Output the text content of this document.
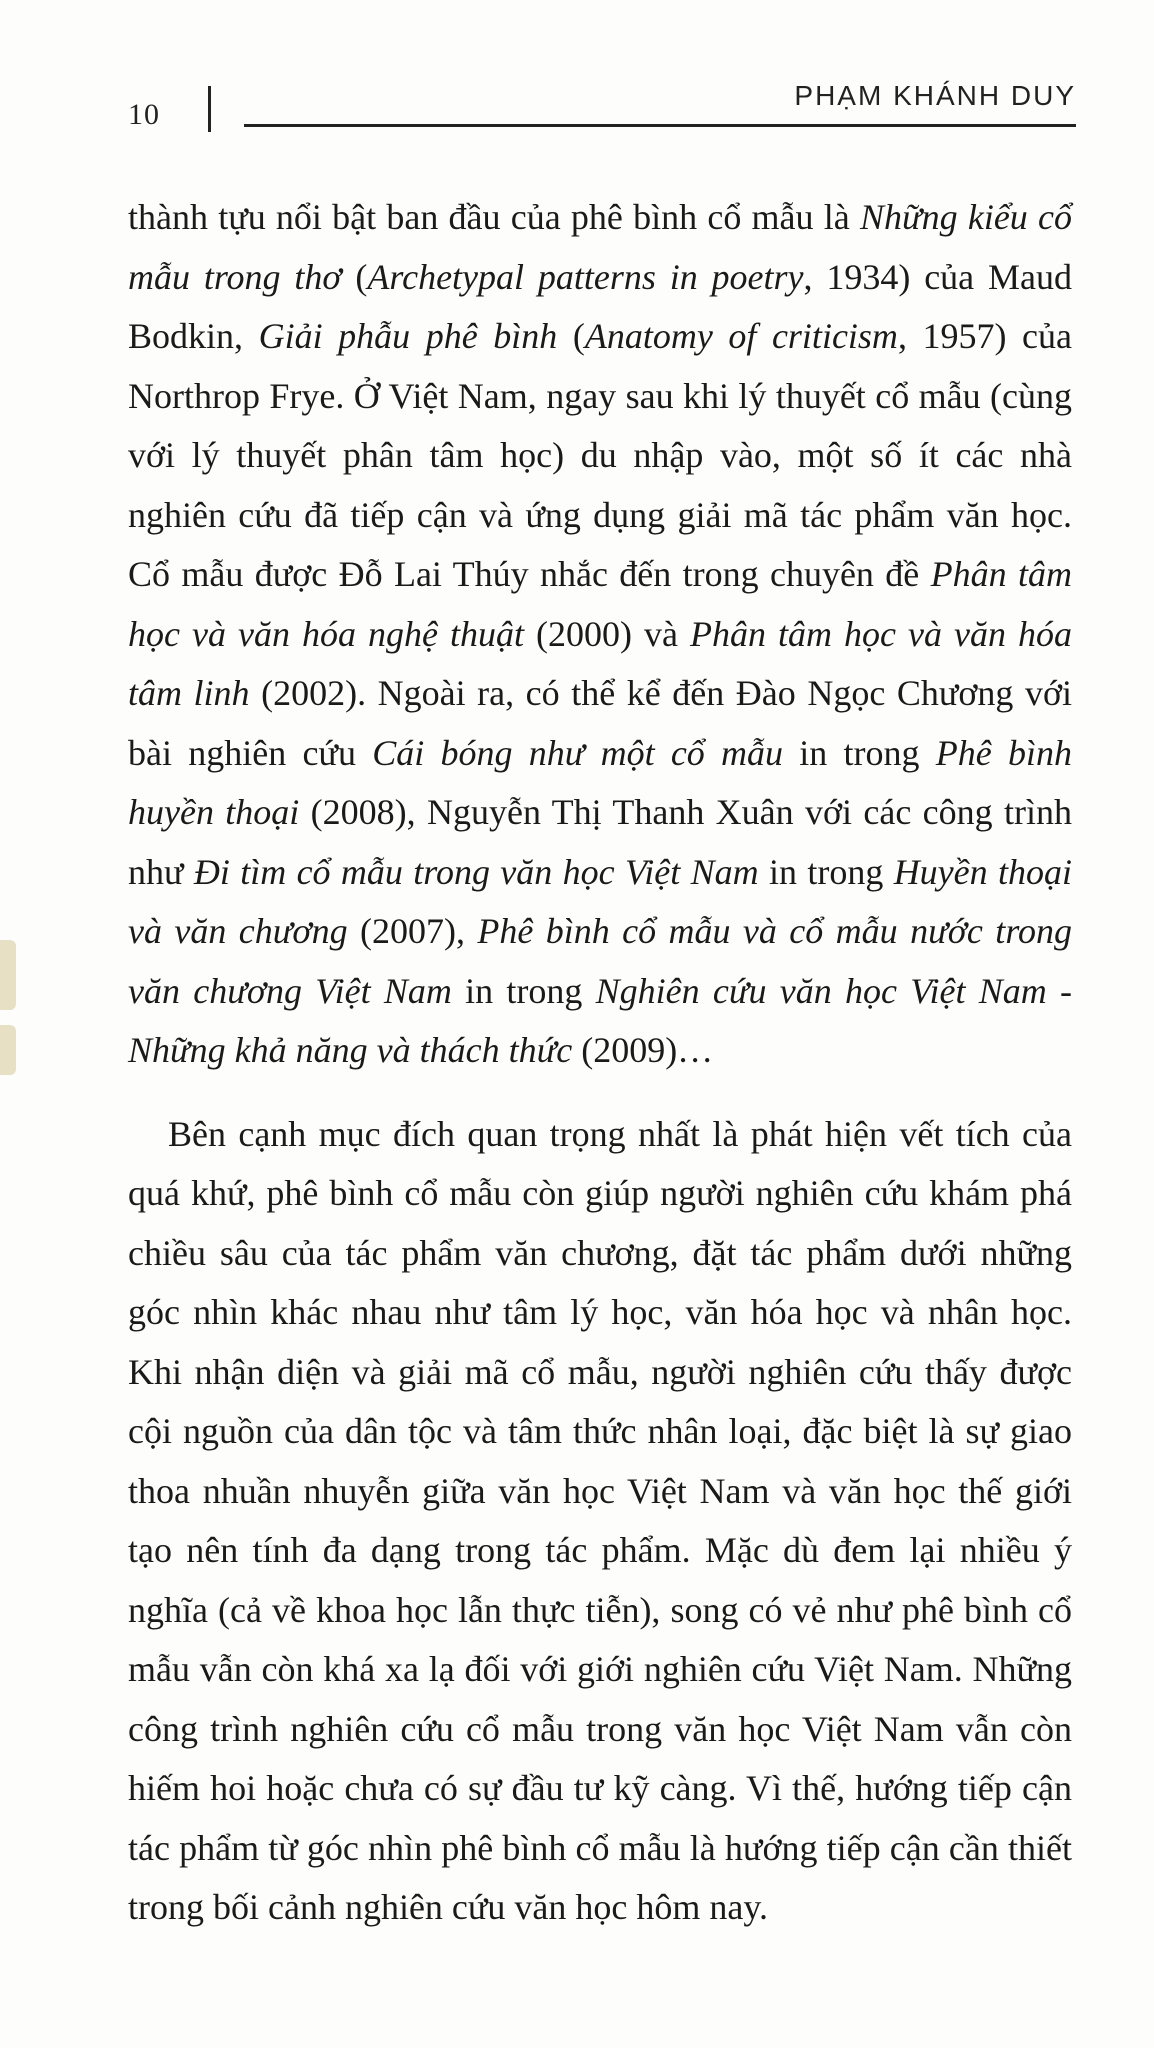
10
PHẠM KHÁNH DUY

thành tựu nổi bật ban đầu của phê bình cổ mẫu là Những kiểu cổ mẫu trong thơ (Archetypal patterns in poetry, 1934) của Maud Bodkin, Giải phẫu phê bình (Anatomy of criticism, 1957) của Northrop Frye. Ở Việt Nam, ngay sau khi lý thuyết cổ mẫu (cùng với lý thuyết phân tâm học) du nhập vào, một số ít các nhà nghiên cứu đã tiếp cận và ứng dụng giải mã tác phẩm văn học. Cổ mẫu được Đỗ Lai Thúy nhắc đến trong chuyên đề Phân tâm học và văn hóa nghệ thuật (2000) và Phân tâm học và văn hóa tâm linh (2002). Ngoài ra, có thể kể đến Đào Ngọc Chương với bài nghiên cứu Cái bóng như một cổ mẫu in trong Phê bình huyền thoại (2008), Nguyễn Thị Thanh Xuân với các công trình như Đi tìm cổ mẫu trong văn học Việt Nam in trong Huyền thoại và văn chương (2007), Phê bình cổ mẫu và cổ mẫu nước trong văn chương Việt Nam in trong Nghiên cứu văn học Việt Nam - Những khả năng và thách thức (2009)…

Bên cạnh mục đích quan trọng nhất là phát hiện vết tích của quá khứ, phê bình cổ mẫu còn giúp người nghiên cứu khám phá chiều sâu của tác phẩm văn chương, đặt tác phẩm dưới những góc nhìn khác nhau như tâm lý học, văn hóa học và nhân học. Khi nhận diện và giải mã cổ mẫu, người nghiên cứu thấy được cội nguồn của dân tộc và tâm thức nhân loại, đặc biệt là sự giao thoa nhuần nhuyễn giữa văn học Việt Nam và văn học thế giới tạo nên tính đa dạng trong tác phẩm. Mặc dù đem lại nhiều ý nghĩa (cả về khoa học lẫn thực tiễn), song có vẻ như phê bình cổ mẫu vẫn còn khá xa lạ đối với giới nghiên cứu Việt Nam. Những công trình nghiên cứu cổ mẫu trong văn học Việt Nam vẫn còn hiếm hoi hoặc chưa có sự đầu tư kỹ càng. Vì thế, hướng tiếp cận tác phẩm từ góc nhìn phê bình cổ mẫu là hướng tiếp cận cần thiết trong bối cảnh nghiên cứu văn học hôm nay.
